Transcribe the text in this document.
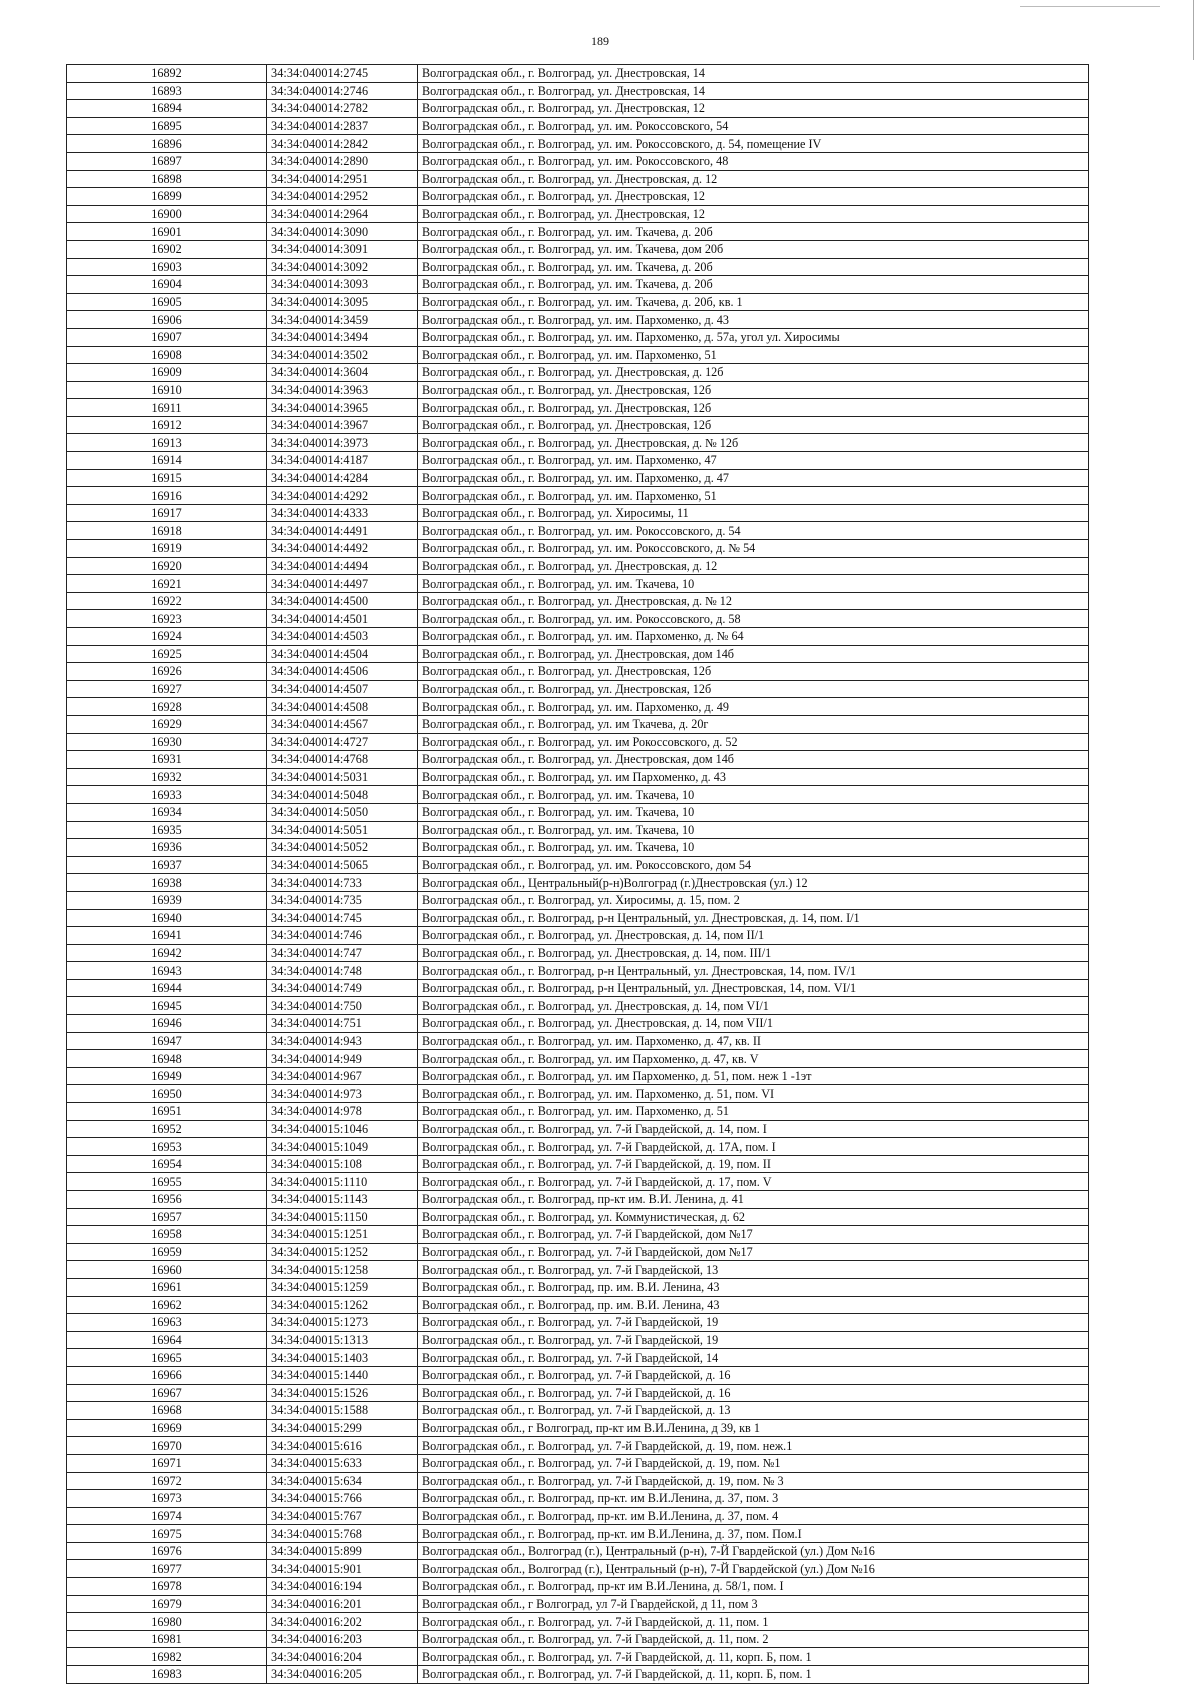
189
16892	34:34:040014:2745	Волгоградская обл., г. Волгоград, ул. Днестровская, 14
16893	34:34:040014:2746	Волгоградская обл., г. Волгоград, ул. Днестровская, 14
16894	34:34:040014:2782	Волгоградская обл., г. Волгоград, ул. Днестровская, 12
16895	34:34:040014:2837	Волгоградская обл., г. Волгоград, ул. им. Рокоссовского, 54
16896	34:34:040014:2842	Волгоградская обл., г. Волгоград, ул. им. Рокоссовского, д. 54, помещение IV
16897	34:34:040014:2890	Волгоградская обл., г. Волгоград, ул. им. Рокоссовского, 48
16898	34:34:040014:2951	Волгоградская обл., г. Волгоград, ул. Днестровская, д. 12
16899	34:34:040014:2952	Волгоградская обл., г. Волгоград, ул. Днестровская, 12
16900	34:34:040014:2964	Волгоградская обл., г. Волгоград, ул. Днестровская, 12
16901	34:34:040014:3090	Волгоградская обл., г. Волгоград, ул. им. Ткачева, д. 20б
16902	34:34:040014:3091	Волгоградская обл., г. Волгоград, ул. им. Ткачева, дом 20б
16903	34:34:040014:3092	Волгоградская обл., г. Волгоград, ул. им. Ткачева, д. 20б
16904	34:34:040014:3093	Волгоградская обл., г. Волгоград, ул. им. Ткачева, д. 20б
16905	34:34:040014:3095	Волгоградская обл., г. Волгоград, ул. им. Ткачева, д. 20б, кв. 1
16906	34:34:040014:3459	Волгоградская обл., г. Волгоград, ул. им. Пархоменко, д. 43
16907	34:34:040014:3494	Волгоградская обл., г. Волгоград, ул. им. Пархоменко, д. 57а, угол ул. Хиросимы
16908	34:34:040014:3502	Волгоградская обл., г. Волгоград, ул. им. Пархоменко, 51
16909	34:34:040014:3604	Волгоградская обл., г. Волгоград, ул. Днестровская, д. 12б
16910	34:34:040014:3963	Волгоградская обл., г. Волгоград, ул. Днестровская, 12б
16911	34:34:040014:3965	Волгоградская обл., г. Волгоград, ул. Днестровская, 12б
16912	34:34:040014:3967	Волгоградская обл., г. Волгоград, ул. Днестровская, 12б
16913	34:34:040014:3973	Волгоградская обл., г. Волгоград, ул. Днестровская, д. № 12б
16914	34:34:040014:4187	Волгоградская обл., г. Волгоград, ул. им. Пархоменко, 47
16915	34:34:040014:4284	Волгоградская обл., г. Волгоград, ул. им. Пархоменко, д. 47
16916	34:34:040014:4292	Волгоградская обл., г. Волгоград, ул. им. Пархоменко, 51
16917	34:34:040014:4333	Волгоградская обл., г. Волгоград, ул. Хиросимы, 11
16918	34:34:040014:4491	Волгоградская обл., г. Волгоград, ул. им. Рокоссовского, д. 54
16919	34:34:040014:4492	Волгоградская обл., г. Волгоград, ул. им. Рокоссовского, д. № 54
16920	34:34:040014:4494	Волгоградская обл., г. Волгоград, ул. Днестровская, д. 12
16921	34:34:040014:4497	Волгоградская обл., г. Волгоград, ул. им. Ткачева, 10
16922	34:34:040014:4500	Волгоградская обл., г. Волгоград, ул. Днестровская, д. № 12
16923	34:34:040014:4501	Волгоградская обл., г. Волгоград, ул. им. Рокоссовского, д. 58
16924	34:34:040014:4503	Волгоградская обл., г. Волгоград, ул. им. Пархоменко, д. № 64
16925	34:34:040014:4504	Волгоградская обл., г. Волгоград, ул. Днестровская, дом 14б
16926	34:34:040014:4506	Волгоградская обл., г. Волгоград, ул. Днестровская, 12б
16927	34:34:040014:4507	Волгоградская обл., г. Волгоград, ул. Днестровская, 12б
16928	34:34:040014:4508	Волгоградская обл., г. Волгоград, ул. им. Пархоменко, д. 49
16929	34:34:040014:4567	Волгоградская обл., г. Волгоград, ул. им Ткачева, д. 20г
16930	34:34:040014:4727	Волгоградская обл., г. Волгоград, ул. им Рокоссовского, д. 52
16931	34:34:040014:4768	Волгоградская обл., г. Волгоград, ул. Днестровская, дом 14б
16932	34:34:040014:5031	Волгоградская обл., г. Волгоград, ул. им Пархоменко, д. 43
16933	34:34:040014:5048	Волгоградская обл., г. Волгоград, ул. им. Ткачева, 10
16934	34:34:040014:5050	Волгоградская обл., г. Волгоград, ул. им. Ткачева, 10
16935	34:34:040014:5051	Волгоградская обл., г. Волгоград, ул. им. Ткачева, 10
16936	34:34:040014:5052	Волгоградская обл., г. Волгоград, ул. им. Ткачева, 10
16937	34:34:040014:5065	Волгоградская обл., г. Волгоград, ул. им. Рокоссовского, дом 54
16938	34:34:040014:733	Волгоградская обл., Центральный(р-н)Волгоград (г.)Днестровская (ул.) 12
16939	34:34:040014:735	Волгоградская обл., г. Волгоград, ул. Хиросимы, д. 15, пом. 2
16940	34:34:040014:745	Волгоградская обл., г. Волгоград, р-н Центральный, ул. Днестровская, д. 14, пом. I/1
16941	34:34:040014:746	Волгоградская обл., г. Волгоград, ул. Днестровская, д. 14, пом II/1
16942	34:34:040014:747	Волгоградская обл., г. Волгоград, ул. Днестровская, д. 14, пом. III/1
16943	34:34:040014:748	Волгоградская обл., г. Волгоград, р-н Центральный, ул. Днестровская, 14, пом. IV/1
16944	34:34:040014:749	Волгоградская обл., г. Волгоград, р-н Центральный, ул. Днестровская, 14, пом. VI/1
16945	34:34:040014:750	Волгоградская обл., г. Волгоград, ул. Днестровская, д. 14, пом VI/1
16946	34:34:040014:751	Волгоградская обл., г. Волгоград, ул. Днестровская, д. 14, пом VII/1
16947	34:34:040014:943	Волгоградская обл., г. Волгоград, ул. им. Пархоменко, д. 47, кв. II
16948	34:34:040014:949	Волгоградская обл., г. Волгоград, ул. им Пархоменко, д. 47, кв. V
16949	34:34:040014:967	Волгоградская обл., г. Волгоград, ул. им Пархоменко, д. 51, пом. неж 1 -1эт
16950	34:34:040014:973	Волгоградская обл., г. Волгоград, ул. им. Пархоменко, д. 51, пом. VI
16951	34:34:040014:978	Волгоградская обл., г. Волгоград, ул. им. Пархоменко, д. 51
16952	34:34:040015:1046	Волгоградская обл., г. Волгоград, ул. 7-й Гвардейской, д. 14, пом. I
16953	34:34:040015:1049	Волгоградская обл., г. Волгоград, ул. 7-й Гвардейской, д. 17А, пом. I
16954	34:34:040015:108	Волгоградская обл., г. Волгоград, ул. 7-й Гвардейской, д. 19, пом. II
16955	34:34:040015:1110	Волгоградская обл., г. Волгоград, ул. 7-й Гвардейской, д. 17, пом. V
16956	34:34:040015:1143	Волгоградская обл., г. Волгоград, пр-кт им. В.И. Ленина, д. 41
16957	34:34:040015:1150	Волгоградская обл., г. Волгоград, ул. Коммунистическая, д. 62
16958	34:34:040015:1251	Волгоградская обл., г. Волгоград, ул. 7-й Гвардейской, дом №17
16959	34:34:040015:1252	Волгоградская обл., г. Волгоград, ул. 7-й Гвардейской, дом №17
16960	34:34:040015:1258	Волгоградская обл., г. Волгоград, ул. 7-й Гвардейской, 13
16961	34:34:040015:1259	Волгоградская обл., г. Волгоград, пр. им. В.И. Ленина, 43
16962	34:34:040015:1262	Волгоградская обл., г. Волгоград, пр. им. В.И. Ленина, 43
16963	34:34:040015:1273	Волгоградская обл., г. Волгоград, ул. 7-й Гвардейской, 19
16964	34:34:040015:1313	Волгоградская обл., г. Волгоград, ул. 7-й Гвардейской, 19
16965	34:34:040015:1403	Волгоградская обл., г. Волгоград, ул. 7-й Гвардейской, 14
16966	34:34:040015:1440	Волгоградская обл., г. Волгоград, ул. 7-й Гвардейской, д. 16
16967	34:34:040015:1526	Волгоградская обл., г. Волгоград, ул. 7-й Гвардейской, д. 16
16968	34:34:040015:1588	Волгоградская обл., г. Волгоград, ул. 7-й Гвардейской, д. 13
16969	34:34:040015:299	Волгоградская обл., г Волгоград, пр-кт им В.И.Ленина, д 39, кв 1
16970	34:34:040015:616	Волгоградская обл., г. Волгоград, ул. 7-й Гвардейской, д. 19, пом. неж.1
16971	34:34:040015:633	Волгоградская обл., г. Волгоград, ул. 7-й Гвардейской, д. 19, пом. №1
16972	34:34:040015:634	Волгоградская обл., г. Волгоград, ул. 7-й Гвардейской, д. 19, пом. № 3
16973	34:34:040015:766	Волгоградская обл., г. Волгоград, пр-кт. им В.И.Ленина, д. 37, пом. 3
16974	34:34:040015:767	Волгоградская обл., г. Волгоград, пр-кт. им В.И.Ленина, д. 37, пом. 4
16975	34:34:040015:768	Волгоградская обл., г. Волгоград, пр-кт. им В.И.Ленина, д. 37, пом. Пом.I
16976	34:34:040015:899	Волгоградская обл., Волгоград (г.), Центральный (р-н), 7-Й Гвардейской (ул.) Дом №16
16977	34:34:040015:901	Волгоградская обл., Волгоград (г.), Центральный (р-н), 7-Й Гвардейской (ул.) Дом №16
16978	34:34:040016:194	Волгоградская обл., г. Волгоград, пр-кт им В.И.Ленина, д. 58/1, пом. I
16979	34:34:040016:201	Волгоградская обл., г Волгоград, ул 7-й Гвардейской, д 11, пом 3
16980	34:34:040016:202	Волгоградская обл., г. Волгоград, ул. 7-й Гвардейской, д. 11, пом. 1
16981	34:34:040016:203	Волгоградская обл., г. Волгоград, ул. 7-й Гвардейской, д. 11, пом. 2
16982	34:34:040016:204	Волгоградская обл., г. Волгоград, ул. 7-й Гвардейской, д. 11, корп. Б, пом. 1
16983	34:34:040016:205	Волгоградская обл., г. Волгоград, ул. 7-й Гвардейской, д. 11, корп. Б, пом. 1
